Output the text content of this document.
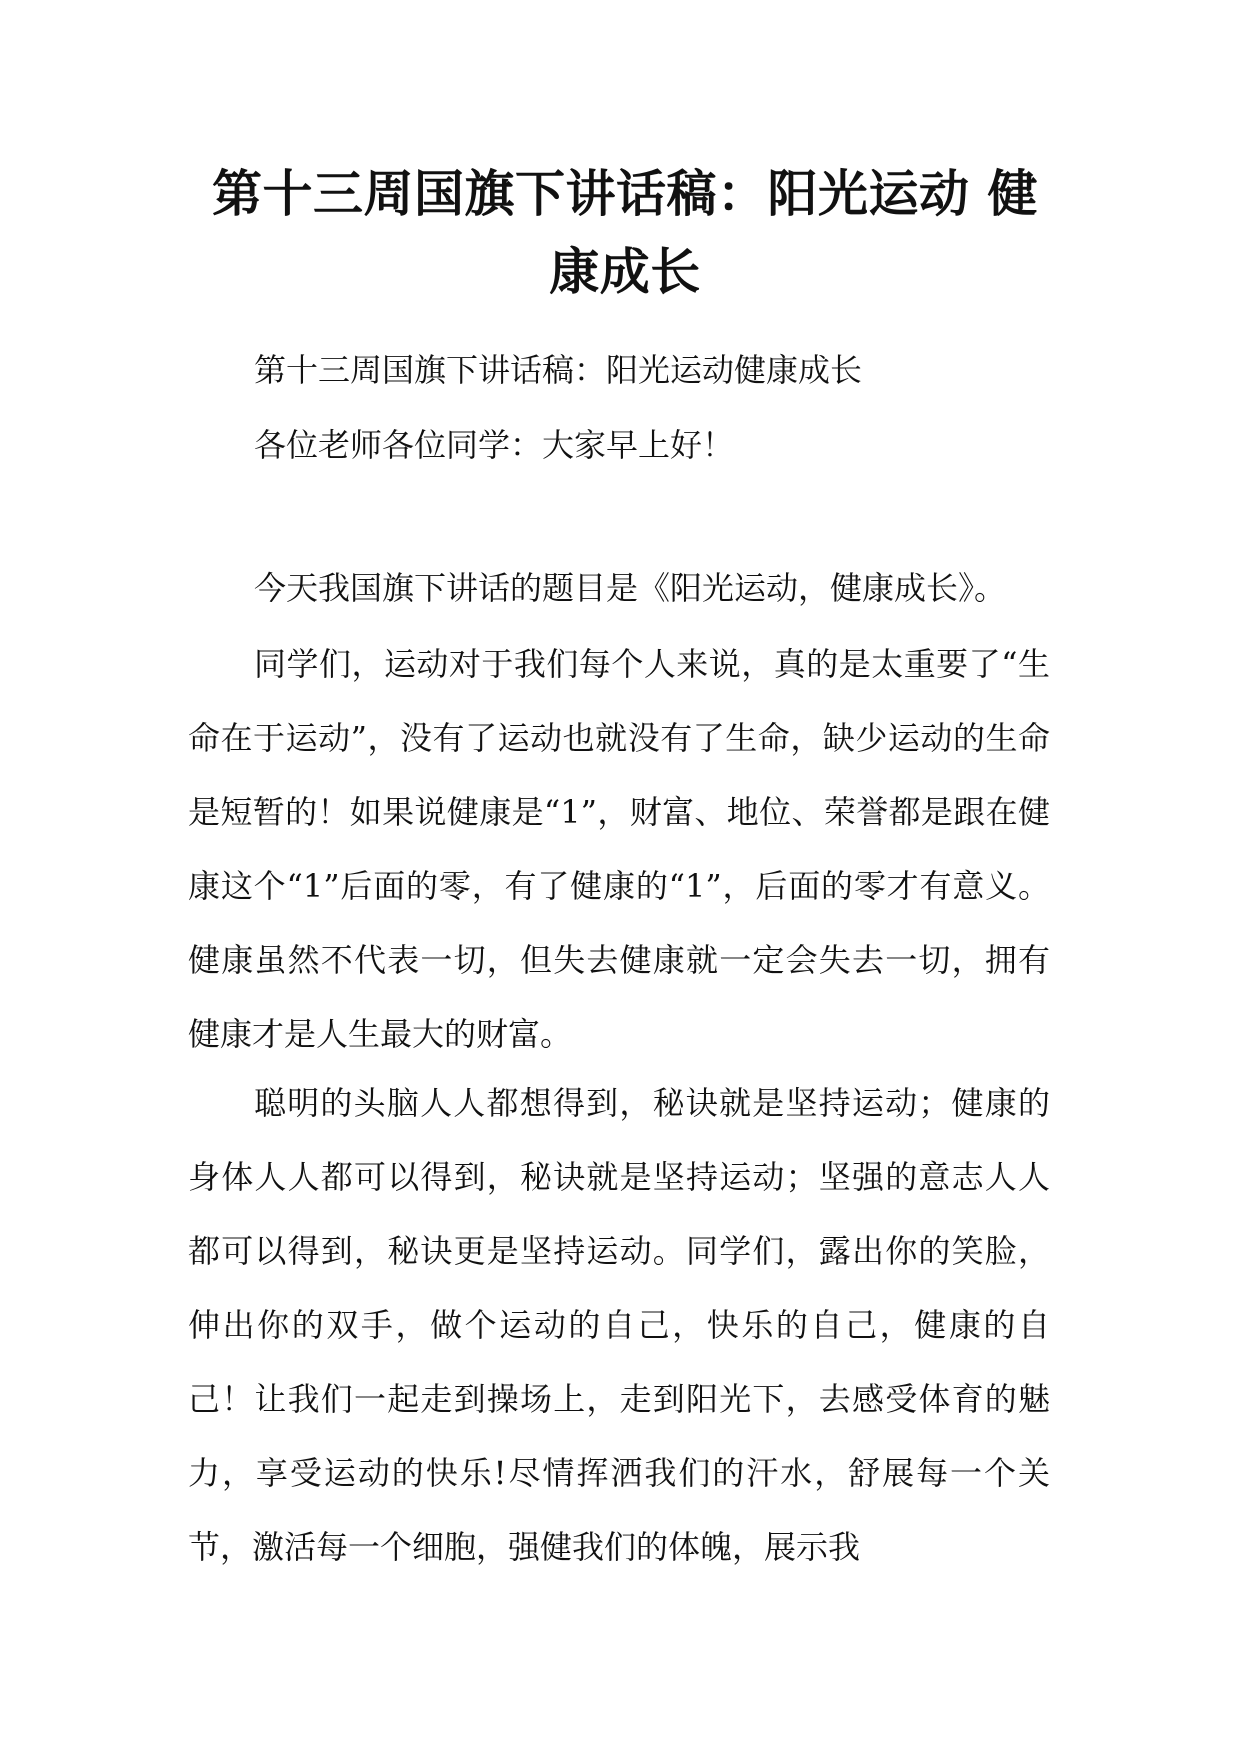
第十三周国旗下讲话稿：阳光运动 健康成长

第十三周国旗下讲话稿：阳光运动健康成长

各位老师各位同学：大家早上好！

今天我国旗下讲话的题目是《阳光运动，健康成长》。

同学们，运动对于我们每个人来说，真的是太重要了“生命在于运动”，没有了运动也就没有了生命，缺少运动的生命是短暂的！如果说健康是“1”，财富、地位、荣誉都是跟在健康这个“1”后面的零，有了健康的“1”，后面的零才有意义。健康虽然不代表一切，但失去健康就一定会失去一切，拥有健康才是人生最大的财富。

聪明的头脑人人都想得到，秘诀就是坚持运动；健康的身体人人都可以得到，秘诀就是坚持运动；坚强的意志人人都可以得到，秘诀更是坚持运动。同学们，露出你的笑脸，伸出你的双手，做个运动的自己，快乐的自己，健康的自己！让我们一起走到操场上，走到阳光下，去感受体育的魅力，享受运动的快乐!尽情挥洒我们的汗水，舒展每一个关节，激活每一个细胞，强健我们的体魄，展示我
